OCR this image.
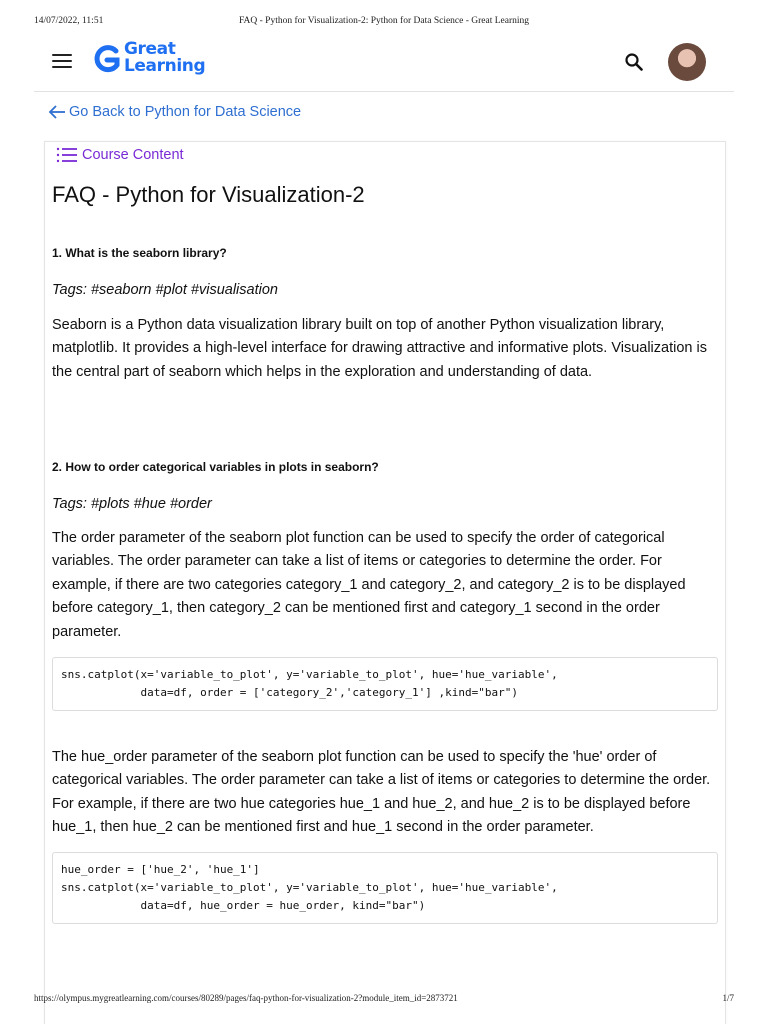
14/07/2022, 11:51	FAQ - Python for Visualization-2: Python for Data Science - Great Learning
Great
Learning
Go Back to Python for Data Science
Course Content
FAQ - Python for Visualization-2
1. What is the seaborn library?
Tags: #seaborn #plot #visualisation

Seaborn is a Python data visualization library built on top of another Python visualization library, matplotlib. It provides a high-level interface for drawing attractive and informative plots. Visualization is the central part of seaborn which helps in the exploration and understanding of data.

2. How to order categorical variables in plots in seaborn?
Tags: #plots #hue #order

The order parameter of the seaborn plot function can be used to specify the order of categorical variables. The order parameter can take a list of items or categories to determine the order. For example, if there are two categories category_1 and category_2, and category_2 is to be displayed before category_1, then category_2 can be mentioned first and category_1 second in the order parameter.

sns.catplot(x='variable_to_plot', y='variable_to_plot', hue='hue_variable',
data=df, order = ['category_2','category_1'] ,kind="bar")

The hue_order parameter of the seaborn plot function can be used to specify the 'hue' order of categorical variables. The order parameter can take a list of items or categories to determine the order. For example, if there are two hue categories hue_1 and hue_2, and hue_2 is to be displayed before hue_1, then hue_2 can be mentioned first and hue_1 second in the order parameter.

hue_order = ['hue_2', 'hue_1']
sns.catplot(x='variable_to_plot', y='variable_to_plot', hue='hue_variable',
data=df, hue_order = hue_order, kind="bar")
https://olympus.mygreatlearning.com/courses/80289/pages/faq-python-for-visualization-2?module_item_id=2873721	1/7
